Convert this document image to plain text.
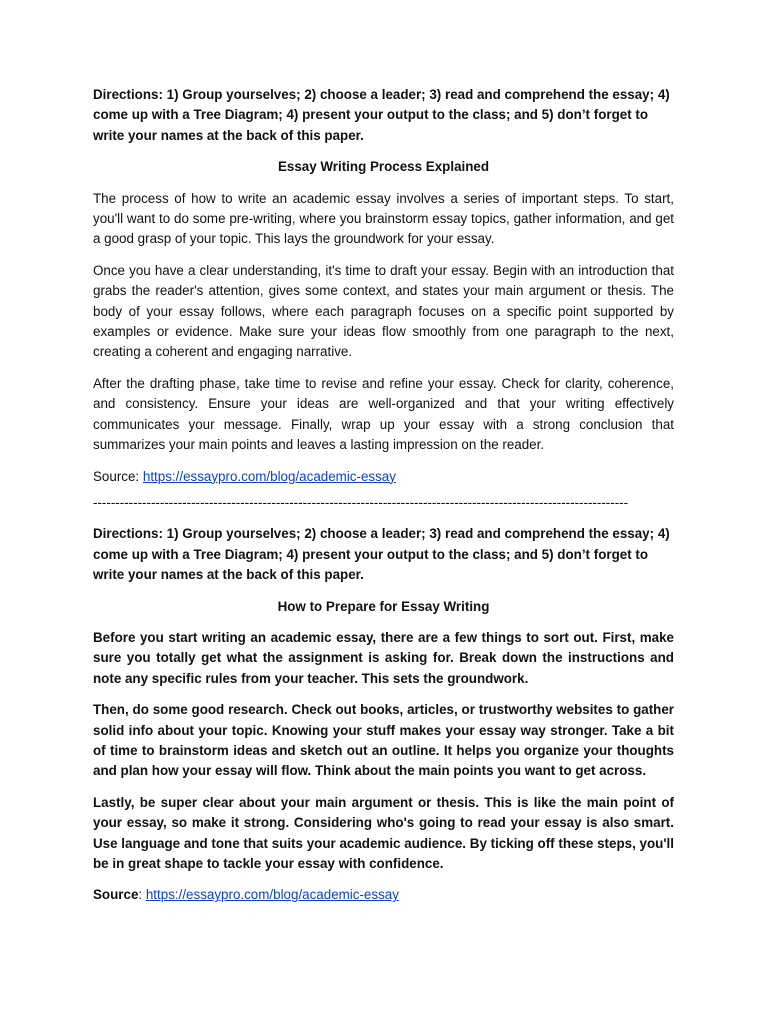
Directions: 1) Group yourselves; 2) choose a leader; 3) read and comprehend the essay; 4) come up with a Tree Diagram; 4) present your output to the class; and 5) don’t forget to write your names at the back of this paper.

Essay Writing Process Explained

The process of how to write an academic essay involves a series of important steps. To start, you'll want to do some pre-writing, where you brainstorm essay topics, gather information, and get a good grasp of your topic. This lays the groundwork for your essay.

Once you have a clear understanding, it's time to draft your essay. Begin with an introduction that grabs the reader's attention, gives some context, and states your main argument or thesis. The body of your essay follows, where each paragraph focuses on a specific point supported by examples or evidence. Make sure your ideas flow smoothly from one paragraph to the next, creating a coherent and engaging narrative.

After the drafting phase, take time to revise and refine your essay. Check for clarity, coherence, and consistency. Ensure your ideas are well-organized and that your writing effectively communicates your message. Finally, wrap up your essay with a strong conclusion that summarizes your main points and leaves a lasting impression on the reader.

Source: https://essaypro.com/blog/academic-essay

------------------------------------------------------------------------------------------------------------------------

Directions: 1) Group yourselves; 2) choose a leader; 3) read and comprehend the essay; 4) come up with a Tree Diagram; 4) present your output to the class; and 5) don’t forget to write your names at the back of this paper.

How to Prepare for Essay Writing

Before you start writing an academic essay, there are a few things to sort out. First, make sure you totally get what the assignment is asking for. Break down the instructions and note any specific rules from your teacher. This sets the groundwork.

Then, do some good research. Check out books, articles, or trustworthy websites to gather solid info about your topic. Knowing your stuff makes your essay way stronger. Take a bit of time to brainstorm ideas and sketch out an outline. It helps you organize your thoughts and plan how your essay will flow. Think about the main points you want to get across.

Lastly, be super clear about your main argument or thesis. This is like the main point of your essay, so make it strong. Considering who's going to read your essay is also smart. Use language and tone that suits your academic audience. By ticking off these steps, you'll be in great shape to tackle your essay with confidence.

Source: https://essaypro.com/blog/academic-essay
